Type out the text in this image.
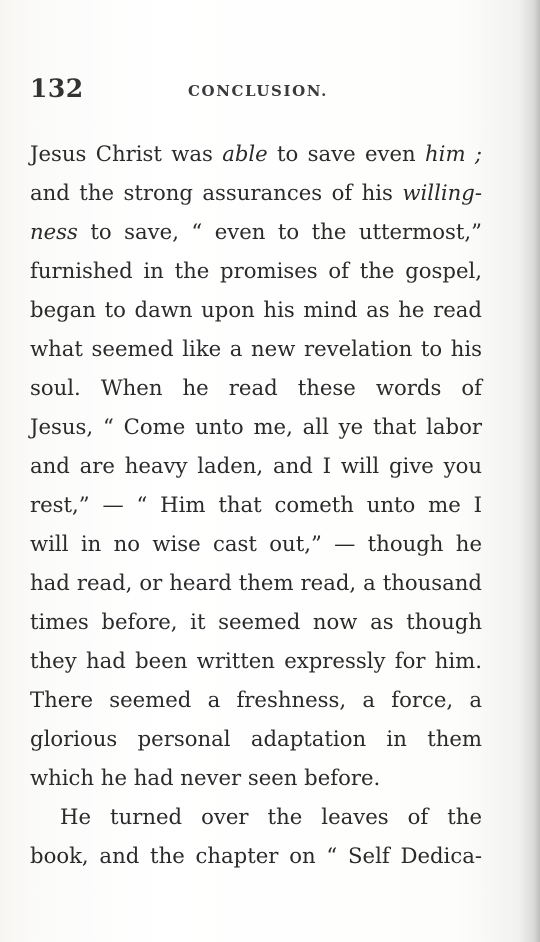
132	CONCLUSION.
Jesus Christ was able to save even him ;
and the strong assurances of his willing-
ness to save, “ even to the uttermost,”
furnished in the promises of the gospel,
began to dawn upon his mind as he read
what seemed like a new revelation to his
soul. When he read these words of
Jesus, “ Come unto me, all ye that labor
and are heavy laden, and I will give you
rest,” — “ Him that cometh unto me I
will in no wise cast out,” — though he
had read, or heard them read, a thousand
times before, it seemed now as though
they had been written expressly for him.
There seemed a freshness, a force, a
glorious personal adaptation in them
which he had never seen before.
He turned over the leaves of the
book, and the chapter on “ Self Dedica-
